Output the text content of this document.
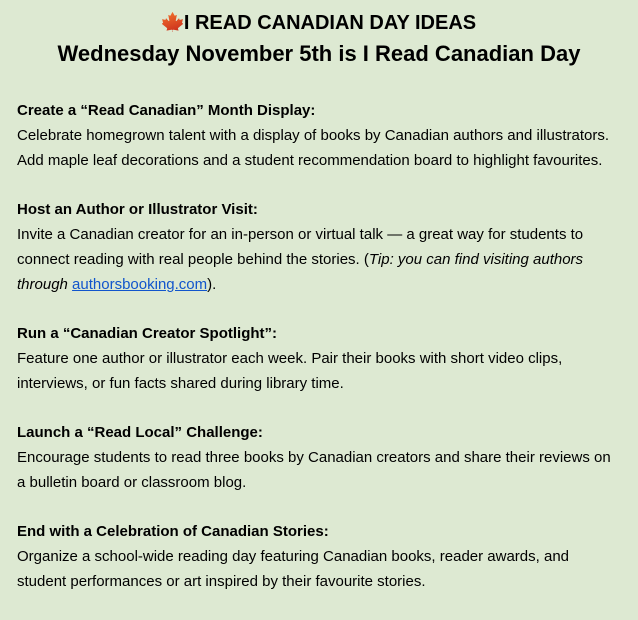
I READ CANADIAN DAY IDEAS
Wednesday November 5th is I Read Canadian Day

Create a “Read Canadian” Month Display:

Celebrate homegrown talent with a display of books by Canadian authors and illustrators. Add maple leaf decorations and a student recommendation board to highlight favourites.

Host an Author or Illustrator Visit:

Invite a Canadian creator for an in-person or virtual talk — a great way for students to connect reading with real people behind the stories. (Tip: you can find visiting authors through authorsbooking.com).

Run a “Canadian Creator Spotlight”:

Feature one author or illustrator each week. Pair their books with short video clips, interviews, or fun facts shared during library time.

Launch a “Read Local” Challenge:

Encourage students to read three books by Canadian creators and share their reviews on a bulletin board or classroom blog.

End with a Celebration of Canadian Stories:

Organize a school-wide reading day featuring Canadian books, reader awards, and student performances or art inspired by their favourite stories.
